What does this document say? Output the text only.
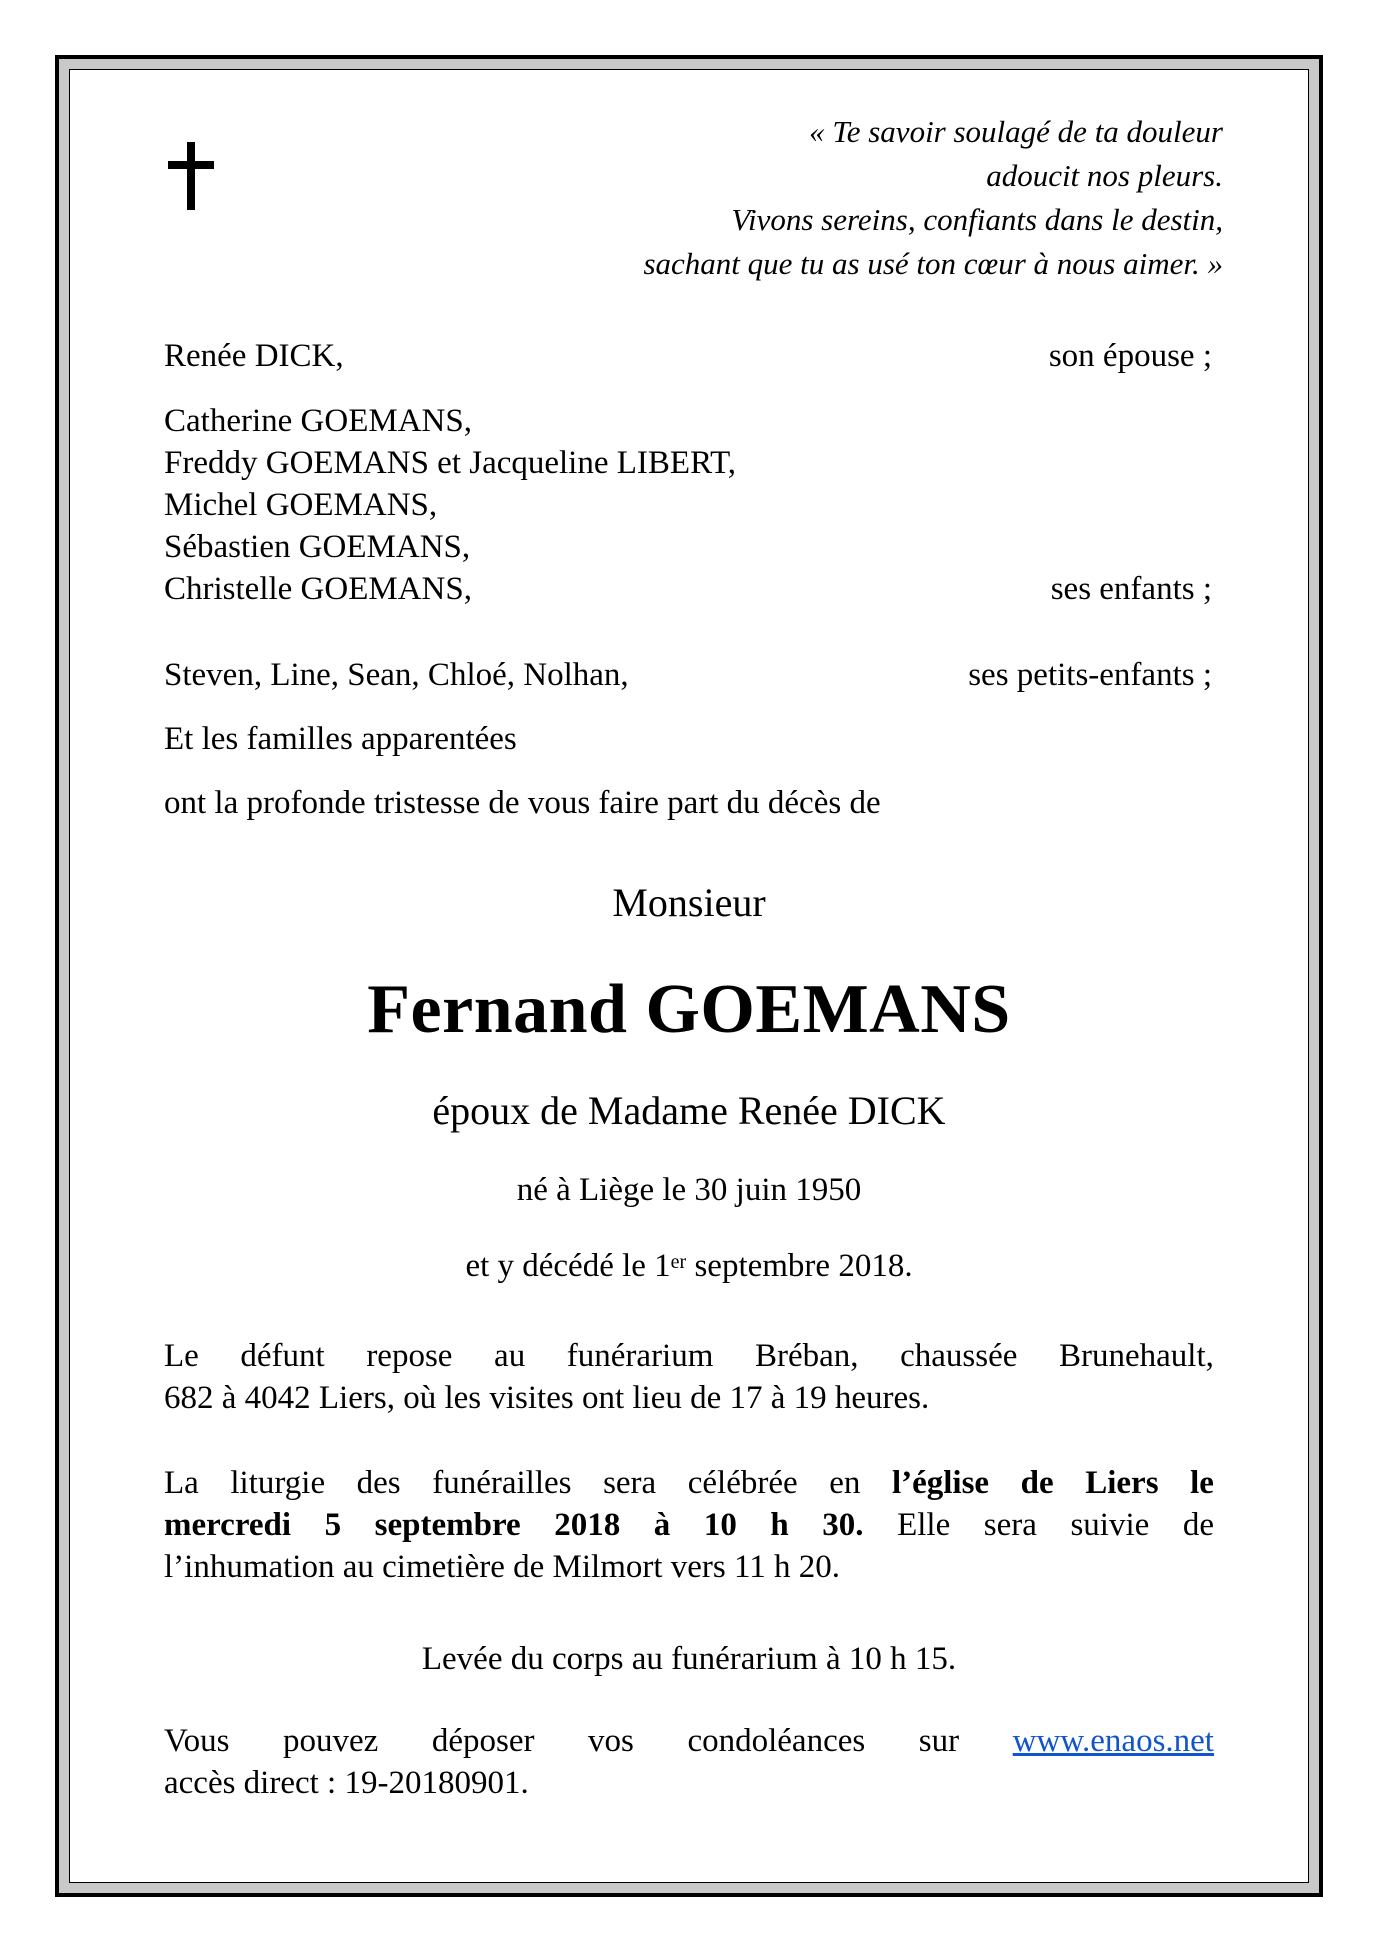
« Te savoir soulagé de ta douleur
adoucit nos pleurs.
Vivons sereins, confiants dans le destin,
sachant que tu as usé ton cœur à nous aimer. »
Renée DICK,	son épouse ;
Catherine GOEMANS,
Freddy GOEMANS et Jacqueline LIBERT,
Michel GOEMANS,
Sébastien GOEMANS,
Christelle GOEMANS,	ses enfants ;
Steven, Line, Sean, Chloé, Nolhan,	ses petits-enfants ;
Et les familles apparentées
ont la profonde tristesse de vous faire part du décès de
Monsieur
Fernand GOEMANS
époux de Madame Renée DICK
né à Liège le 30 juin 1950
et y décédé le 1er septembre 2018.
Le défunt repose au funérarium Bréban, chaussée Brunehault,
682 à 4042 Liers, où les visites ont lieu de 17 à 19 heures.
La liturgie des funérailles sera célébrée en l’église de Liers le
mercredi 5 septembre 2018 à 10 h 30. Elle sera suivie de
l’inhumation au cimetière de Milmort vers 11 h 20.
Levée du corps au funérarium à 10 h 15.
Vous pouvez déposer vos condoléances sur www.enaos.net
accès direct : 19-20180901.
